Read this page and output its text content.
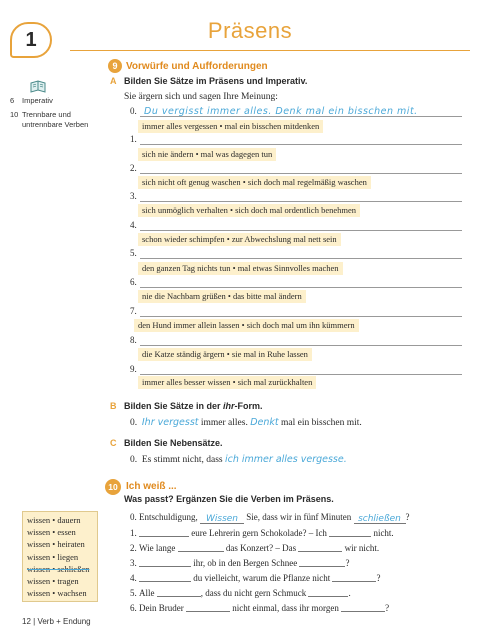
1	Präsens
6 Imperativ
10 Trennbare und
untrennbare Verben
9 Vorwürfe und Aufforderungen
A Bilden Sie Sätze im Präsens und Imperativ.
Sie ärgern sich und sagen Ihre Meinung:
0. Du vergisst immer alles. Denk mal ein bisschen mit.
immer alles vergessen • mal ein bisschen mitdenken
1.
sich nie ändern • mal was dagegen tun
2.
sich nicht oft genug waschen • sich doch mal regelmäßig waschen
3.
sich unmöglich verhalten • sich doch mal ordentlich benehmen
4.
schon wieder schimpfen • zur Abwechslung mal nett sein
5.
den ganzen Tag nichts tun • mal etwas Sinnvolles machen
6.
nie die Nachbarn grüßen • das bitte mal ändern
7.
den Hund immer allein lassen • sich doch mal um ihn kümmern
8.
die Katze ständig ärgern • sie mal in Ruhe lassen
9.
immer alles besser wissen • sich mal zurückhalten
B Bilden Sie Sätze in der ihr-Form.
0. Ihr vergesst immer alles. Denkt mal ein bisschen mit.
C Bilden Sie Nebensätze.
0. Es stimmt nicht, dass ich immer alles vergesse.
10 Ich weiß ...
Was passt? Ergänzen Sie die Verben im Präsens.
0. Entschuldigung, Wissen Sie, dass wir in fünf Minuten schließen ?
1.	eure Lehrerin gern Schokolade? – Ich	nicht.
2. Wie lange	das Konzert? – Das	wir nicht.
3.	ihr, ob in den Bergen Schnee	?
4.	du vielleicht, warum die Pflanze nicht	?
5. Alle	, dass du nicht gern Schmuck	.
6. Dein Bruder	nicht einmal, dass ihr morgen	?
wissen • dauern
wissen • essen
wissen • heiraten
wissen • liegen
wissen • schließen
wissen • tragen
wissen • wachsen
12 | Verb + Endung
